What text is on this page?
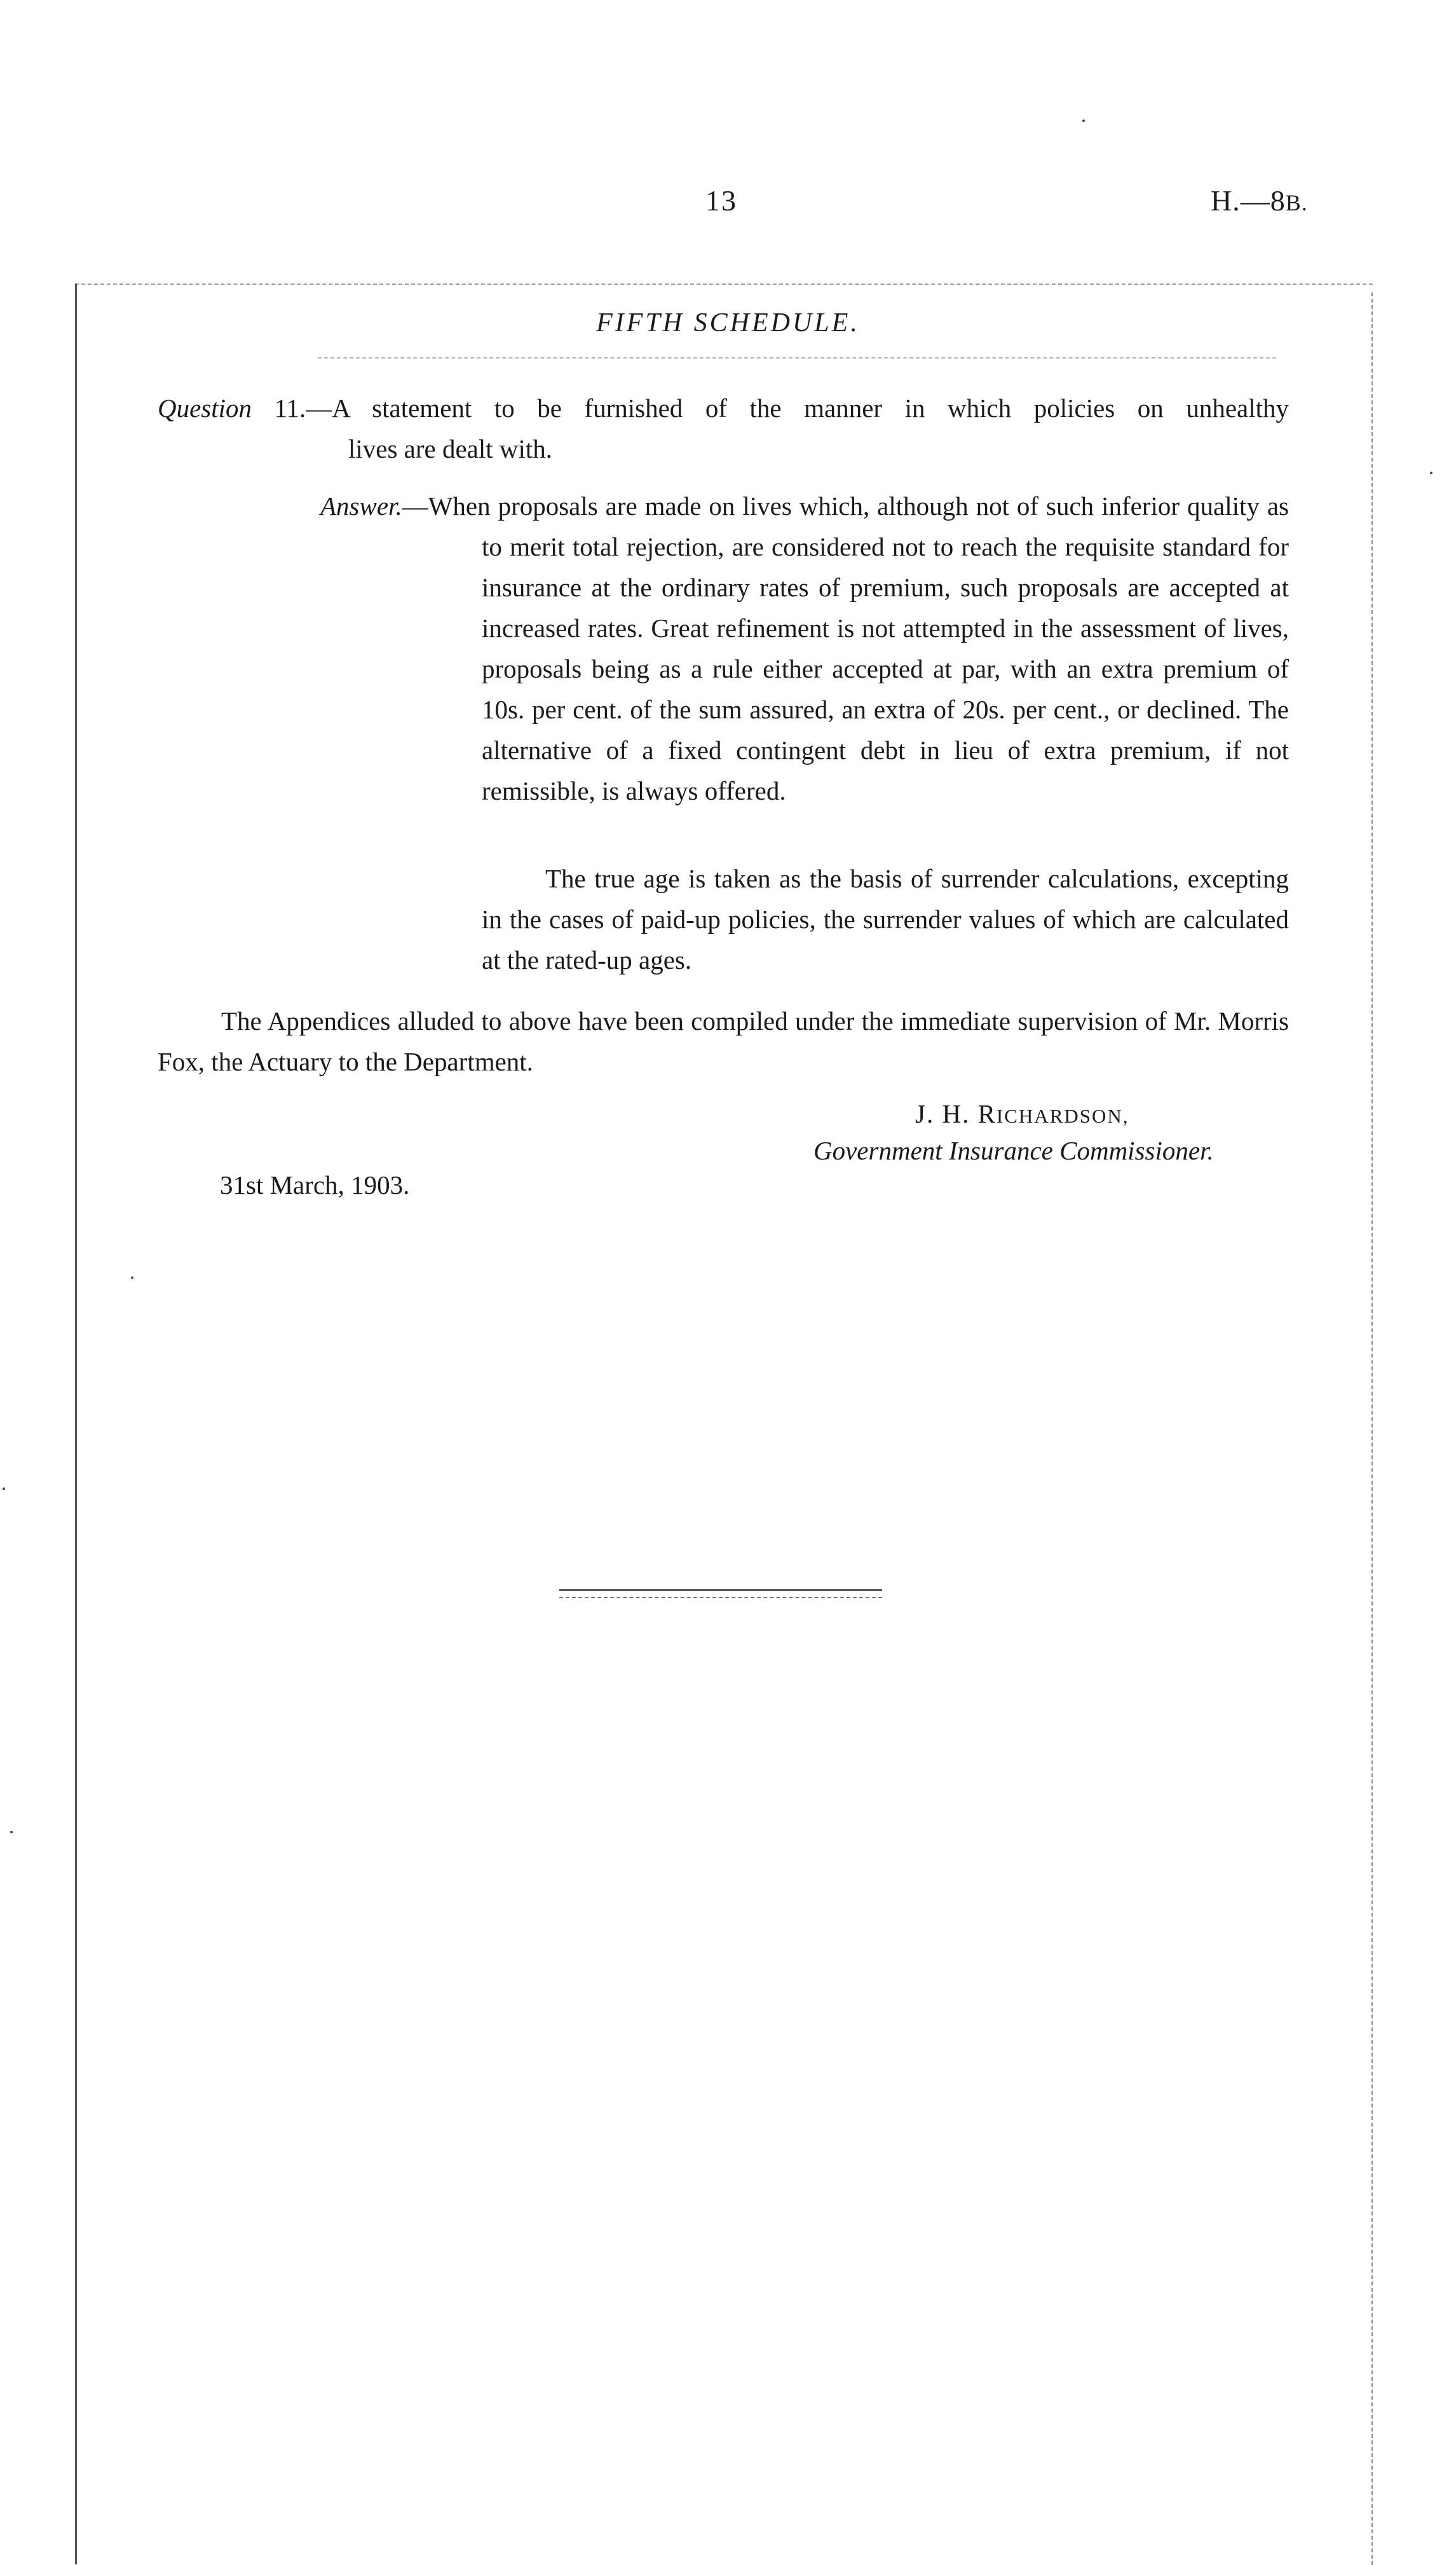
13	H.—8B.
FIFTH SCHEDULE.
Question 11.—A statement to be furnished of the manner in which policies on unhealthy
lives are dealt with.
Answer.—When proposals are made on lives which, although not of such inferior quality as to merit total rejection, are considered not to reach the requisite standard for insurance at the ordinary rates of premium, such proposals are accepted at increased rates. Great refinement is not attempted in the assessment of lives, proposals being as a rule either accepted at par, with an extra premium of 10s. per cent. of the sum assured, an extra of 20s. per cent., or declined. The alternative of a fixed contingent debt in lieu of extra premium, if not remissible, is always offered.
The true age is taken as the basis of surrender calculations, excepting in the cases of paid-up policies, the surrender values of which are calculated at the rated-up ages.
The Appendices alluded to above have been compiled under the immediate supervision of Mr. Morris Fox, the Actuary to the Department.
J. H. RICHARDSON,
Government Insurance Commissioner.
31st March, 1903.
